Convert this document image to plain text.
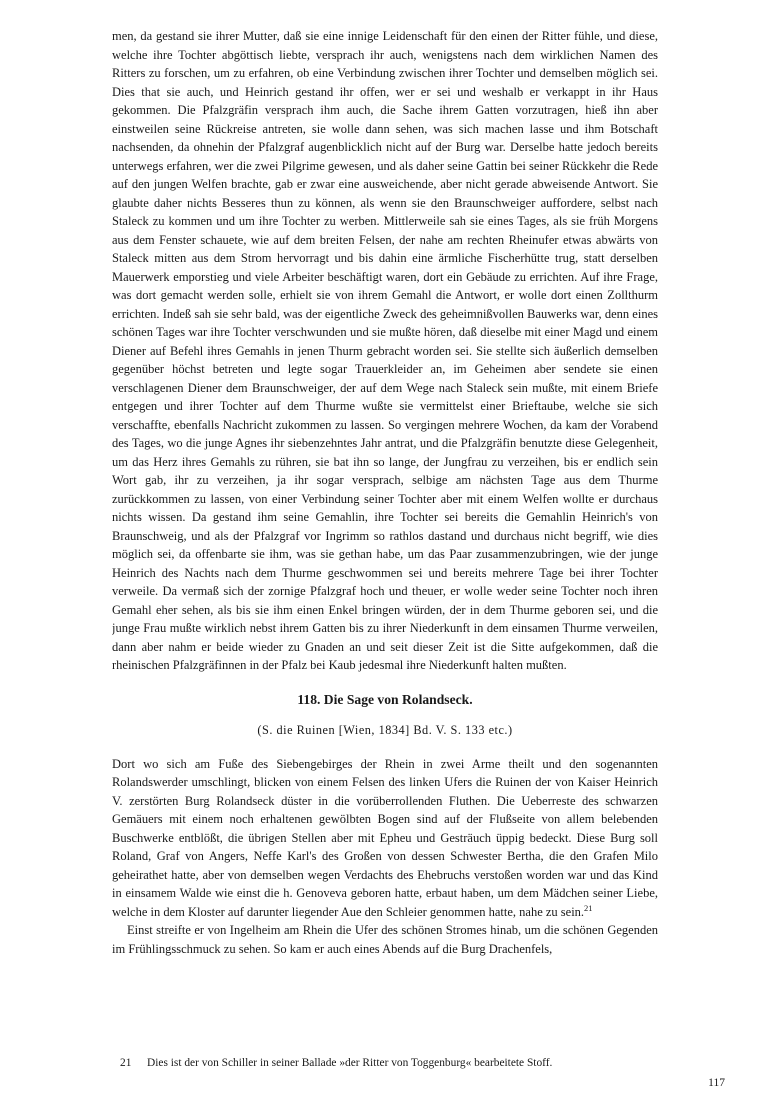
men, da gestand sie ihrer Mutter, daß sie eine innige Leidenschaft für den einen der Ritter fühle, und diese, welche ihre Tochter abgöttisch liebte, versprach ihr auch, wenigstens nach dem wirklichen Namen des Ritters zu forschen, um zu erfahren, ob eine Verbindung zwischen ihrer Tochter und demselben möglich sei. Dies that sie auch, und Heinrich gestand ihr offen, wer er sei und weshalb er verkappt in ihr Haus gekommen. Die Pfalzgräfin versprach ihm auch, die Sache ihrem Gatten vorzutragen, hieß ihn aber einstweilen seine Rückreise antreten, sie wolle dann sehen, was sich machen lasse und ihm Botschaft nachsenden, da ohnehin der Pfalzgraf augenblicklich nicht auf der Burg war. Derselbe hatte jedoch bereits unterwegs erfahren, wer die zwei Pilgrime gewesen, und als daher seine Gattin bei seiner Rückkehr die Rede auf den jungen Welfen brachte, gab er zwar eine ausweichende, aber nicht gerade abweisende Antwort. Sie glaubte daher nichts Besseres thun zu können, als wenn sie den Braunschweiger auffordere, selbst nach Staleck zu kommen und um ihre Tochter zu werben. Mittlerweile sah sie eines Tages, als sie früh Morgens aus dem Fenster schauete, wie auf dem breiten Felsen, der nahe am rechten Rheinufer etwas abwärts von Staleck mitten aus dem Strom hervorragt und bis dahin eine ärmliche Fischerhütte trug, statt derselben Mauerwerk emporstieg und viele Arbeiter beschäftigt waren, dort ein Gebäude zu errichten. Auf ihre Frage, was dort gemacht werden solle, erhielt sie von ihrem Gemahl die Antwort, er wolle dort einen Zollthurm errichten. Indeß sah sie sehr bald, was der eigentliche Zweck des geheimnißvollen Bauwerks war, denn eines schönen Tages war ihre Tochter verschwunden und sie mußte hören, daß dieselbe mit einer Magd und einem Diener auf Befehl ihres Gemahls in jenen Thurm gebracht worden sei. Sie stellte sich äußerlich demselben gegenüber höchst betreten und legte sogar Trauerkleider an, im Geheimen aber sendete sie einen verschlagenen Diener dem Braunschweiger, der auf dem Wege nach Staleck sein mußte, mit einem Briefe entgegen und ihrer Tochter auf dem Thurme wußte sie vermittelst einer Brieftaube, welche sie sich verschaffte, ebenfalls Nachricht zukommen zu lassen. So vergingen mehrere Wochen, da kam der Vorabend des Tages, wo die junge Agnes ihr siebenzehntes Jahr antrat, und die Pfalzgräfin benutzte diese Gelegenheit, um das Herz ihres Gemahls zu rühren, sie bat ihn so lange, der Jungfrau zu verzeihen, bis er endlich sein Wort gab, ihr zu verzeihen, ja ihr sogar versprach, selbige am nächsten Tage aus dem Thurme zurückkommen zu lassen, von einer Verbindung seiner Tochter aber mit einem Welfen wollte er durchaus nichts wissen. Da gestand ihm seine Gemahlin, ihre Tochter sei bereits die Gemahlin Heinrich's von Braunschweig, und als der Pfalzgraf vor Ingrimm so rathlos dastand und durchaus nicht begriff, wie dies möglich sei, da offenbarte sie ihm, was sie gethan habe, um das Paar zusammenzubringen, wie der junge Heinrich des Nachts nach dem Thurme geschwommen sei und bereits mehrere Tage bei ihrer Tochter verweile. Da vermaß sich der zornige Pfalzgraf hoch und theuer, er wolle weder seine Tochter noch ihren Gemahl eher sehen, als bis sie ihm einen Enkel bringen würden, der in dem Thurme geboren sei, und die junge Frau mußte wirklich nebst ihrem Gatten bis zu ihrer Niederkunft in dem einsamen Thurme verweilen, dann aber nahm er beide wieder zu Gnaden an und seit dieser Zeit ist die Sitte aufgekommen, daß die rheinischen Pfalzgräfinnen in der Pfalz bei Kaub jedesmal ihre Niederkunft halten mußten.

118. Die Sage von Rolandseck.

(S. die Ruinen [Wien, 1834] Bd. V. S. 133 etc.)

Dort wo sich am Fuße des Siebengebirges der Rhein in zwei Arme theilt und den sogenannten Rolandswerder umschlingt, blicken von einem Felsen des linken Ufers die Ruinen der von Kaiser Heinrich V. zerstörten Burg Rolandseck düster in die vorüberrollenden Fluthen. Die Ueberreste des schwarzen Gemäuers mit einem noch erhaltenen gewölbten Bogen sind auf der Flußseite von allem belebenden Buschwerke entblößt, die übrigen Stellen aber mit Epheu und Gesträuch üppig bedeckt. Diese Burg soll Roland, Graf von Angers, Neffe Karl's des Großen von dessen Schwester Bertha, die den Grafen Milo geheirathet hatte, aber von demselben wegen Verdachts des Ehebruchs verstoßen worden war und das Kind in einsamem Walde wie einst die h. Genoveva geboren hatte, erbaut haben, um dem Mädchen seiner Liebe, welche in dem Kloster auf darunter liegender Aue den Schleier genommen hatte, nahe zu sein.$^{21}$

Einst streifte er von Ingelheim am Rhein die Ufer des schönen Stromes hinab, um die schönen Gegenden im Frühlingsschmuck zu sehen. So kam er auch eines Abends auf die Burg Drachenfels,

21	Dies ist der von Schiller in seiner Ballade »der Ritter von Toggenburg« bearbeitete Stoff.
117
